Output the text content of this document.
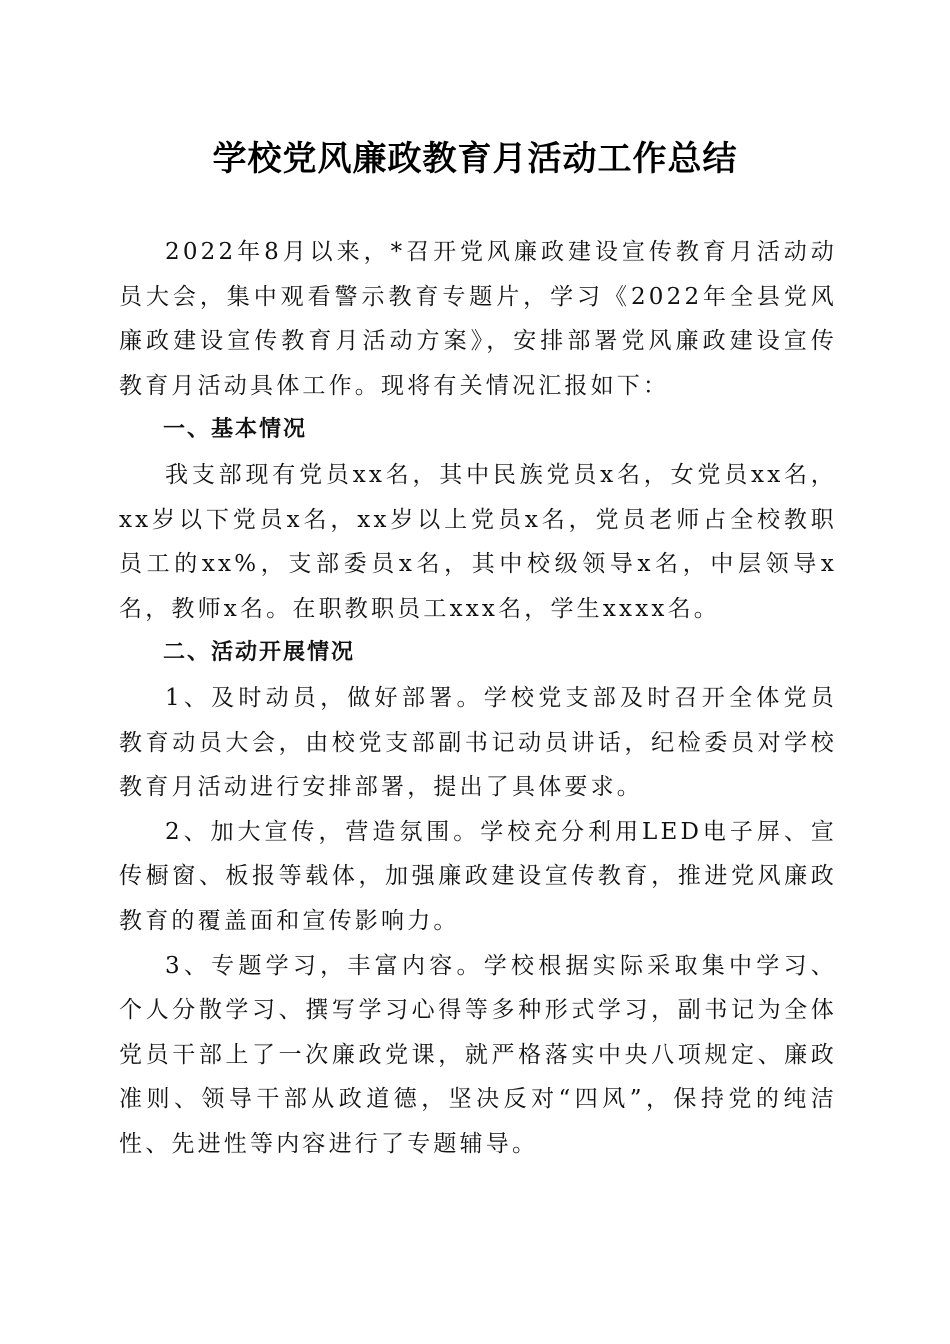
学校党风廉政教育月活动工作总结

2022年8月以来，*召开党风廉政建设宣传教育月活动动员大会，集中观看警示教育专题片，学习《2022年全县党风廉政建设宣传教育月活动方案》，安排部署党风廉政建设宣传教育月活动具体工作。现将有关情况汇报如下：

一、基本情况

我支部现有党员xx名，其中民族党员x名，女党员xx名，xx岁以下党员x名，xx岁以上党员x名，党员老师占全校教职员工的xx%，支部委员x名，其中校级领导x名，中层领导x名，教师x名。在职教职员工xxx名，学生xxxx名。

二、活动开展情况

1、及时动员，做好部署。学校党支部及时召开全体党员教育动员大会，由校党支部副书记动员讲话，纪检委员对学校教育月活动进行安排部署，提出了具体要求。

2、加大宣传，营造氛围。学校充分利用LED电子屏、宣传橱窗、板报等载体，加强廉政建设宣传教育，推进党风廉政教育的覆盖面和宣传影响力。

3、专题学习，丰富内容。学校根据实际采取集中学习、个人分散学习、撰写学习心得等多种形式学习，副书记为全体党员干部上了一次廉政党课，就严格落实中央八项规定、廉政准则、领导干部从政道德，坚决反对“四风”，保持党的纯洁性、先进性等内容进行了专题辅导。
